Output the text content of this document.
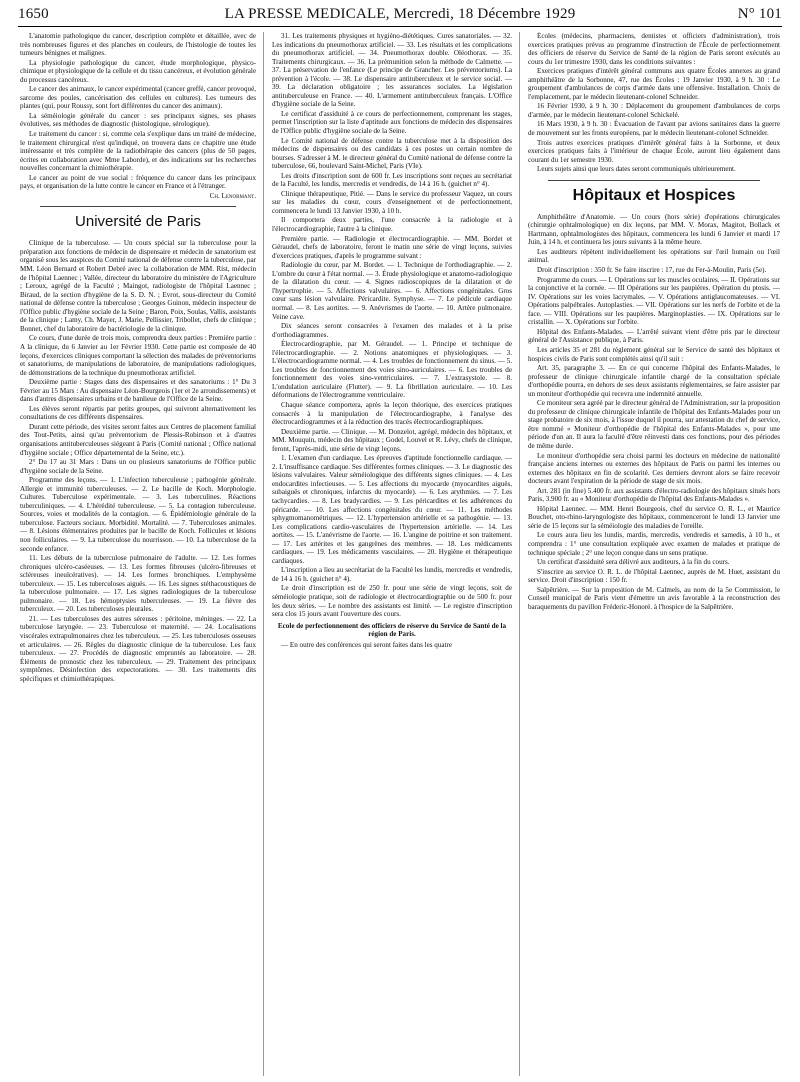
1650	LA PRESSE MEDICALE, Mercredi, 18 Décembre 1929	N° 101

L'anatomie pathologique du cancer, description complète et détaillée, avec de très nombreuses figures et des planches en couleurs, de l'histologie de toutes les tumeurs bénignes et malignes.

La physiologie pathologique du cancer, étude morphologique, physico-chimique et physiologique de la cellule et du tissu cancéreux, et évolution générale du processus cancéreux.

Le cancer des animaux, le cancer expérimental (cancer greffé, cancer provoqué, sarcome des poules, cancérisation des cellules en cultures). Les tumeurs des plantes (qui, pour Roussy, sont fort différentes du cancer des animaux).

La séméiologie générale du cancer : ses principaux signes, ses phases évolutives, ses méthodes de diagnostic (histologique, sérologique).

Le traitement du cancer : si, comme cela s'explique dans un traité de médecine, le traitement chirurgical n'est qu'indiqué, on trouvera dans ce chapitre une étude intéressante et très complète de la radiothérapie des cancers (plus de 50 pages, écrites en collaboration avec Mme Laborde), et des indications sur les recherches nouvelles concernant la chimiothérapie.

Le cancer au point de vue social : fréquence du cancer dans les principaux pays, et organisation de la lutte contre le cancer en France et à l'étranger.

Ch. Lenormant.
Université de Paris

Clinique de la tuberculose. — Un cours spécial sur la tuberculose pour la préparation aux fonctions de médecin de dispensaire et médecin de sanatorium est organisé sous les auspices du Comité national de défense contre la tuberculose, par MM. Léon Bernard et Robert Debré avec la collaboration de MM. Rist, médecin de l'hôpital Laennec ; Vallée, directeur du laboratoire du ministère de l'Agriculture ; Leroux, agrégé de la Faculté ; Maingot, radiologiste de l'hôpital Laennec ; Biraud, de la section d'hygiène de la S. D. N. ; Evrot, sous-directeur du Comité national de défense contre la tuberculose ; Georges Guinon, médecin inspecteur de l'Office public d'hygiène sociale de la Seine ; Baron, Poix, Soulas, Vallis, assistants de la clinique ; Lamy, Ch. Mayer, J. Marie, Pellissier, Tribollet, chefs de clinique ; Bonnet, chef du laboratoire de bactériologie de la clinique.

Ce cours, d'une durée de trois mois, comprendra deux parties : Première partie : A la clinique, du 6 Janvier au 1er Février 1930. Cette partie est composée de 40 leçons, d'exercices cliniques comportant la sélection des malades de préventoriums et sanatoriums, de manipulations de laboratoire, de manipulations radiologiques, de démonstrations de la technique du pneumothorax artificiel.

Deuxième partie : Stages dans des dispensaires et des sanatoriums : 1° Du 3 Février au 15 Mars : Au dispensaire Léon-Bourgeois (1er et 2e arrondissements) et dans d'autres dispensaires urbains et de banlieue de l'Office de la Seine.

Les élèves seront répartis par petits groupes, qui suivront alternativement les consultations de ces différents dispensaires.

Durant cette période, des visites seront faites aux Centres de placement familial des Tout-Petits, ainsi qu'au préventorium de Plessis-Robinson et à d'autres organisations antituberculeuses siégeant à Paris (Comité national ; Office national d'hygiène sociale ; Office départemental de la Seine, etc.).

2° Du 17 au 31 Mars : Dans un ou plusieurs sanatoriums de l'Office public d'hygiène sociale de la Seine.

Programme des leçons. — 1. L'infection tuberculeuse ; pathogénie générale. Allergie et immunité tuberculeuses. — 2. Le bacille de Koch. Morphologie. Cultures. Tuberculose expérimentale. — 3. Les tuberculines. Réactions tuberculiniques. — 4. L'hérédité tuberculeuse. — 5. La contagion tuberculeuse. Sources, voies et modalités de la contagion. — 6. Épidémiologie générale de la tuberculose. Facteurs sociaux. Morbidité. Mortalité. — 7. Tuberculoses animales. — 8. Lésions élémentaires produites par le bacille de Koch. Follicules et lésions non folliculaires. — 9. La tuberculose du nourrisson. — 10. La tuberculose de la seconde enfance.

11. Les débuts de la tuberculose pulmonaire de l'adulte. — 12. Les formes chroniques ulcéro-caséeuses. — 13. Les formes fibreuses (ulcéro-fibreuses et scléreuses ineulcératives). — 14. Les formes bronchiques. L'emphysème tuberculeux. — 15. Les tuberculoses aiguës. — 16. Les signes stéthacoustiques de la tuberculose pulmonaire. — 17. Les signes radiologiques de la tuberculose pulmonaire. — 18. Les hémoptysies tuberculeuses. — 19. La fièvre des tuberculeux. — 20. Les tuberculoses pleurales.

21. — Les tuberculoses des autres séreuses : péritoine, méninges. — 22. La tuberculose laryngée. — 23. Tuberculose et maternité. — 24. Localisations viscérales extrapulmonaires chez les tuberculeux. — 25. Les tuberculoses osseuses et articulaires. — 26. Règles du diagnostic clinique de la tuberculose. Les faux tuberculeux. — 27. Procédés de diagnostic empruntés au laboratoire. — 28. Éléments de pronostic chez les tuberculeux. — 29. Traitement des principaux symptômes. Désinfection des expectorations. — 30. Les traitements dits spécifiques et chimiothérapiques.

31. Les traitements physiques et hygiéno-diététiques. Cures sanatoriales. — 32. Les indications du pneumothorax artificiel. — 33. Les résultats et les complications du pneumothorax artificiel. — 34. Pneumothorax double. Oléothorax. — 35. Traitements chirurgicaux. — 36. La prémunition selon la méthode de Calmette. — 37. La préservation de l'enfance (Le principe de Grancher. Les préventoriums). La prévention à l'école. — 38. Le dispensaire antituberculeux et le service social. — 39. La déclaration obligatoire ; les assurances sociales. La législation antituberculeuse en France. — 40. L'armement antituberculeux français. L'Office d'hygiène sociale de la Seine.

Le certificat d'assiduité à ce cours de perfectionnement, comprenant les stages, permet l'inscription sur la liste d'aptitude aux fonctions de médecin des dispensaires de l'Office public d'hygiène sociale de la Seine.

Le Comité national de défense contre la tuberculose met à la disposition des médecins de dispensaires ou des candidats à ces postes un certain nombre de bourses. S'adresser à M. le directeur général du Comité national de défense contre la tuberculose, 66, boulevard Saint-Michel, Paris (VIe).

Les droits d'inscription sont de 600 fr. Les inscriptions sont reçues au secrétariat de la Faculté, les lundis, mercredis et vendredis, de 14 à 16 h. (guichet n° 4).

Clinique thérapeutique, Pitié. — Dans le service du professeur Vaquez, un cours sur les maladies du cœur, cours d'enseignement et de perfectionnement, commencera le lundi 13 Janvier 1930, à 10 h.

Il comportera deux parties, l'une consacrée à la radiologie et à l'électrocardiographie, l'autre à la clinique.

Première partie. — Radiologie et électrocardiographie. — MM. Bordet et Géraudel, chefs de laboratoire, feront le matin une série de vingt leçons, suivies d'exercices pratiques, d'après le programme suivant :

Radiologie du cœur, par M. Bordet. — 1. Technique de l'orthodiagraphie. — 2. L'ombre du cœur à l'état normal. — 3. Étude physiologique et anatomo-radiologique de la dilatation du cœur. — 4. Signes radioscopiques de la dilatation et de l'hypertrophie. — 5. Affections valvulaires. — 6. Affections congénitales. Gros cœur sans lésion valvulaire. Péricardite. Symphyse. — 7. Le pédicule cardiaque normal. — 8. Les aortites. — 9. Anévrismes de l'aorte. — 10. Artère pulmonaire. Veine cave.

Dix séances seront consacrées à l'examen des malades et à la prise d'orthodiagrammes.

Électrocardiographie, par M. Géraudel. — 1. Principe et technique de l'électrocardiographie. — 2. Notions anatomiques et physiologiques. — 3. L'électrocardiogramme normal. — 4. Les troubles de fonctionnement du sinus. — 5. Les troubles de fonctionnement des voies sino-auriculaires. — 6. Les troubles de fonctionnement des voies sino-ventriculaires. — 7. L'extrasystole. — 8. L'ondulation auriculaire (Flutter). — 9. La fibrillation auriculaire. — 10. Les déformations de l'électrogramme ventriculaire.

Chaque séance comportera, après la leçon théorique, des exercices pratiques consacrés à la manipulation de l'électrocardiographe, à l'analyse des électrocardiogrammes et à la réduction des tracés électrocardiographiques.

Deuxième partie. — Clinique. — M. Donzelot, agrégé, médecin des hôpitaux, et MM. Mouquin, médecin des hôpitaux ; Godel, Louvel et R. Lévy, chefs de clinique, feront, l'après-midi, une série de vingt leçons.

1. L'examen d'un cardiaque. Les épreuves d'aptitude fonctionnelle cardiaque. — 2. L'insuffisance cardiaque. Ses différentes formes cliniques. — 3. Le diagnostic des lésions valvulaires. Valeur séméiologique des différents signes cliniques. — 4. Les endocardites infectieuses. — 5. Les affections du myocarde (myocardites aiguës, subaiguës et chroniques, infarctus du myocarde). — 6. Les arythmies. — 7. Les tachycardies. — 8. Les bradycardies. — 9. Les péricardites et les adhérences du péricarde. — 10. Les affections congénitales du cœur. — 11. Les méthodes sphygmomanométriques. — 12. L'hypertension artérielle et sa pathogénie. — 13. Les complications cardio-vasculaires de l'hypertension artérielle. — 14. Les aortites. — 15. L'anévrisme de l'aorte. — 16. L'angine de poitrine et son traitement. — 17. Les artérites et les gangrènes des membres. — 18. Les médicaments cardiaques. — 19. Les médicaments vasculaires. — 20. Hygiène et thérapeutique cardiaques.

L'inscription a lieu au secrétariat de la Faculté les lundis, mercredis et vendredis, de 14 à 16 h. (guichet n° 4).

Le droit d'inscription est de 250 fr. pour une série de vingt leçons, soit de séméiologie pratique, soit de radiologie et électrocardiographie ou de 500 fr. pour les deux séries. — Le nombre des assistants est limité. — Le registre d'inscription sera clos 15 jours avant l'ouverture des cours.

Ecole de perfectionnement des officiers de réserve du Service de Santé de la région de Paris.

— En outre des conférences qui seront faites dans les quatre

Écoles (médecins, pharmaciens, dentistes et officiers d'administration), trois exercices pratiques prévus au programme d'instruction de l'École de perfectionnement des officiers de réserve du Service de Santé de la région de Paris seront exécutés au cours du 1er trimestre 1930, dans les conditions suivantes :

Exercices pratiques d'intérêt général communs aux quatre Écoles annexes au grand amphithéâtre de la Sorbonne, 47, rue des Écoles : 19 Janvier 1930, à 9 h. 30 : Le groupement d'ambulances de corps d'armée dans une offensive. Installation. Choix de l'emplacement, par le médecin lieutenant-colonel Schneider.

16 Février 1930, à 9 h. 30 : Déplacement du groupement d'ambulances de corps d'armée, par le médecin lieutenant-colonel Schickelé.

16 Mars 1930, à 9 h. 30 : Évacuation de l'avant par avions sanitaires dans la guerre de mouvement sur les fronts européens, par le médecin lieutenant-colonel Schneider.

Trois autres exercices pratiques d'intérêt général faits à la Sorbonne, et deux exercices pratiques faits à l'intérieur de chaque École, auront lieu également dans courant du 1er semestre 1930.

Leurs sujets ainsi que leurs dates seront communiqués ultérieurement.

Hôpitaux et Hospices

Amphithéâtre d'Anatomie. — Un cours (hors série) d'opérations chirurgicales (chirurgie ophtalmologique) en dix leçons, par MM. V. Morax, Magitot, Bollack et Hartmann, ophtalmologistes des hôpitaux, commencera les lundi 6 Janvier et mardi 17 Juin, à 14 h. et continuera les jours suivants à la même heure.

Les auditeurs répètent individuellement les opérations sur l'œil humain ou l'œil animal.

Droit d'inscription : 350 fr. Se faire inscrire : 17, rue du Fer-à-Moulin, Paris (5e).

Programme du cours. — I. Opérations sur les muscles oculaires. — II. Opérations sur la conjonctive et la cornée. — III Opérations sur les paupières. Opération du ptosis. — IV. Opérations sur les voies lacrymales. — V. Opérations antiglaucomateuses. — VI. Opérations palpébrales. Autoplasties. — VII. Opérations sur les nerfs de l'orbite et de la face. — VIII. Opérations sur les paupières. Marginoplasties. — IX. Opérations sur le cristallin. — X. Opérations sur l'orbite.

Hôpital des Enfants-Malades. — L'arrêté suivant vient d'être pris par le directeur général de l'Assistance publique, à Paris.

Les articles 35 et 281 du règlement général sur le Service de santé des hôpitaux et hospices civils de Paris sont complétés ainsi qu'il suit :

Art. 35, paragraphe 3. — En ce qui concerne l'hôpital des Enfants-Malades, le professeur de clinique chirurgicale infantile chargé de la consultation spéciale d'orthopédie pourra, en dehors de ses deux assistants réglementaires, se faire assister par un moniteur d'orthopédie qui recevra une indemnité annuelle.

Ce moniteur sera agréé par le directeur général de l'Administration, sur la proposition du professeur de clinique chirurgicale infantile de l'hôpital des Enfants-Malades pour un stage probatoire de six mois, à l'issue duquel il pourra, sur attestation du chef de service, être nommé « Moniteur d'orthopédie de l'hôpital des Enfants-Malades », pour une période d'un an. Il aura la faculté d'être réinvesti dans ces fonctions, pour des périodes de même durée.

Le moniteur d'orthopédie sera choisi parmi les docteurs en médecine de nationalité française anciens internes ou externes des hôpitaux de Paris ou parmi les internes ou externes des hôpitaux en fin de scolarité. Ces derniers devront alors se faire recevoir docteurs avant l'expiration de la période de stage de six mois.

Art. 281 (in fine) 5.400 fr. aux assistants d'électro-radiologie des hôpitaux situés hors Paris, 3.900 fr. au « Moniteur d'orthopédie de l'hôpital des Enfants-Malades ».

Hôpital Laennec. — MM. Henri Bourgeois, chef du service O. R. L., et Maurice Bouchet, oto-rhino-laryngologiste des hôpitaux, commenceront le lundi 13 Janvier une série de 15 leçons sur la séméiologie des maladies de l'oreille.

Le cours aura lieu les lundis, mardis, mercredis, vendredis et samedis, à 10 h., et comprendra : 1° une consultation expliquée avec examen de malades et pratique de technique spéciale ; 2° une leçon conque dans un sens pratique.

Un certificat d'assiduité sera délivré aux auditeurs, à la fin du cours.

S'inscrire au service O. R. L. de l'hôpital Laennec, auprès de M. Huet, assistant du service. Droit d'inscription : 150 fr.

Salpêtrière. — Sur la proposition de M. Calmels, au nom de la 5e Commission, le Conseil municipal de Paris vient d'émettre un avis favorable à la reconstruction des baraquements du pavillon Fréderic-Honoré. à l'hospice de la Salpêtrière.
